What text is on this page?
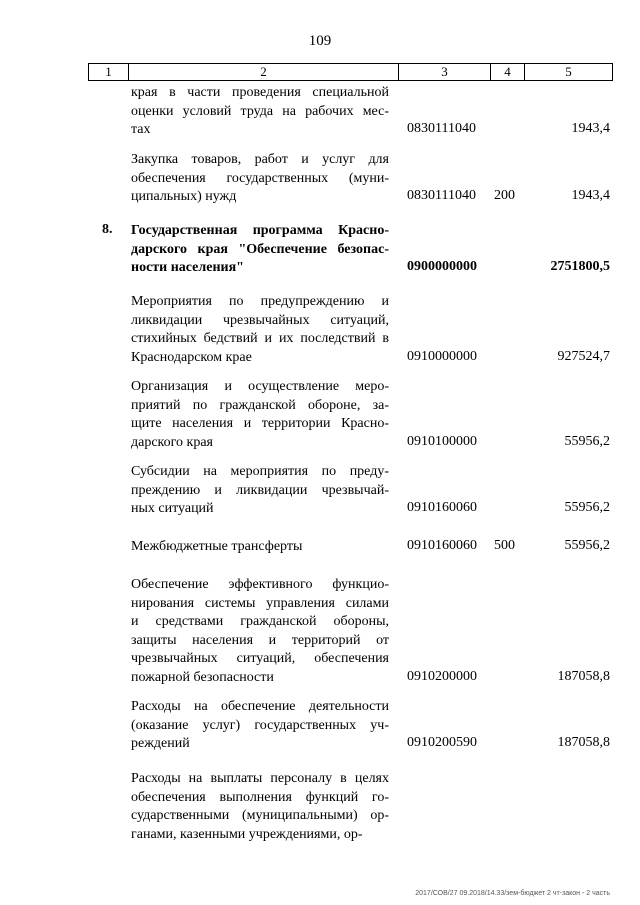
109
1	2	3	4	5
края в части проведения специальной
оценки условий труда на рабочих мес-
тах	0830111040	1943,4
Закупка товаров, работ и услуг для
обеспечения государственных (муни-
ципальных) нужд	0830111040 200	1943,4
8.	Государственная программа Красно-
дарского края "Обеспечение безопас-
ности населения"	0900000000	2751800,5
Мероприятия по предупреждению и
ликвидации чрезвычайных ситуаций,
стихийных бедствий и их последствий в
Краснодарском крае	0910000000	927524,7
Организация и осуществление меро-
приятий по гражданской обороне, за-
щите населения и территории Красно-
дарского края	0910100000	55956,2
Субсидии на мероприятия по преду-
преждению и ликвидации чрезвычай-
ных ситуаций	0910160060	55956,2
Межбюджетные трансферты	0910160060 500	55956,2
Обеспечение эффективного функцио-
нирования системы управления силами
и средствами гражданской обороны,
защиты населения и территорий от
чрезвычайных ситуаций, обеспечения
пожарной безопасности	0910200000	187058,8
Расходы на обеспечение деятельности
(оказание услуг) государственных уч-
реждений	0910200590	187058,8
Расходы на выплаты персоналу в целях
обеспечения выполнения функций го-
сударственными (муниципальными) ор-
ганами, казенными учреждениями, ор-
2017/СОВ/27 09.2018/14.33/зем-бюджет 2 чт-закон - 2 часть
